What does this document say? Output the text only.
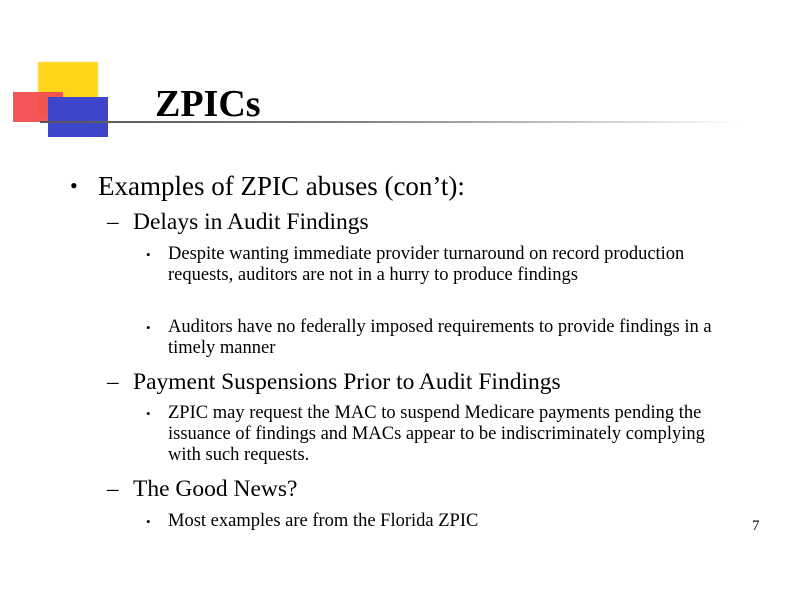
ZPICs
• Examples of ZPIC abuses (con’t):
– Delays in Audit Findings
• Despite wanting immediate provider turnaround on record production requests, auditors are not in a hurry to produce findings
• Auditors have no federally imposed requirements to provide findings in a timely manner
– Payment Suspensions Prior to Audit Findings
• ZPIC may request the MAC to suspend Medicare payments pending the issuance of findings and MACs appear to be indiscriminately complying with such requests.
– The Good News?
• Most examples are from the Florida ZPIC	7
